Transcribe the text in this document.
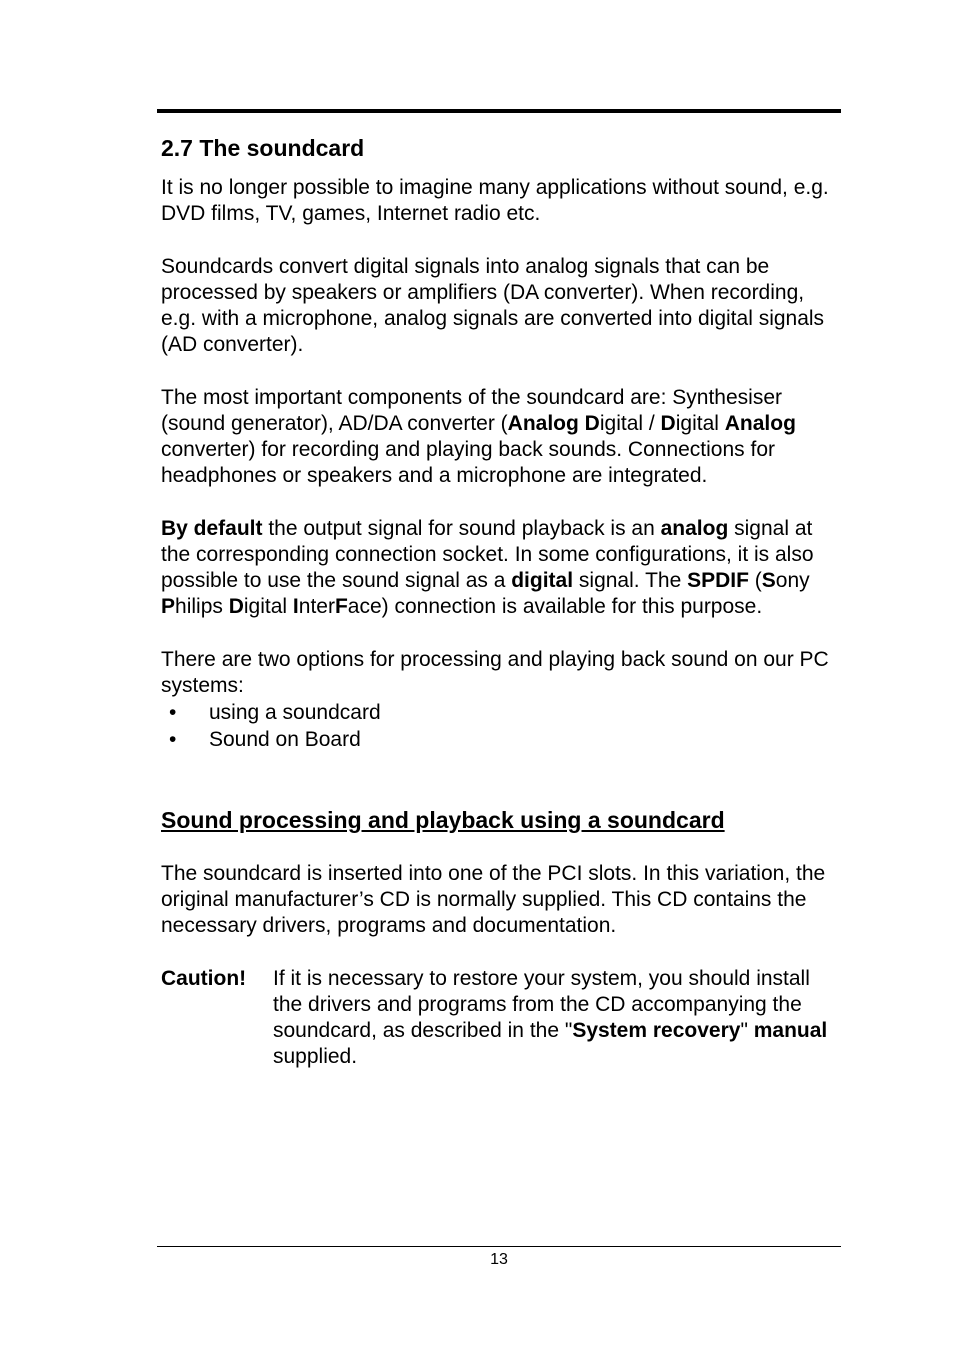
2.7 The soundcard

It is no longer possible to imagine many applications without sound, e.g. DVD films, TV, games, Internet radio etc.

Soundcards convert digital signals into analog signals that can be processed by speakers or amplifiers (DA converter). When recording, e.g. with a microphone, analog signals are converted into digital signals (AD converter).

The most important components of the soundcard are: Synthesiser (sound generator), AD/DA converter (Analog Digital / Digital Analog converter) for recording and playing back sounds. Connections for headphones or speakers and a microphone are integrated.

By default the output signal for sound playback is an analog signal at the corresponding connection socket. In some configurations, it is also possible to use the sound signal as a digital signal. The SPDIF (Sony Philips Digital InterFace) connection is available for this purpose.

There are two options for processing and playing back sound on our PC systems:

• using a soundcard
• Sound on Board
Sound processing and playback using a soundcard

The soundcard is inserted into one of the PCI slots. In this variation, the original manufacturer’s CD is normally supplied. This CD contains the necessary drivers, programs and documentation.

Caution!	If it is necessary to restore your system, you should install the drivers and programs from the CD accompanying the soundcard, as described in the "System recovery" manual supplied.
13
